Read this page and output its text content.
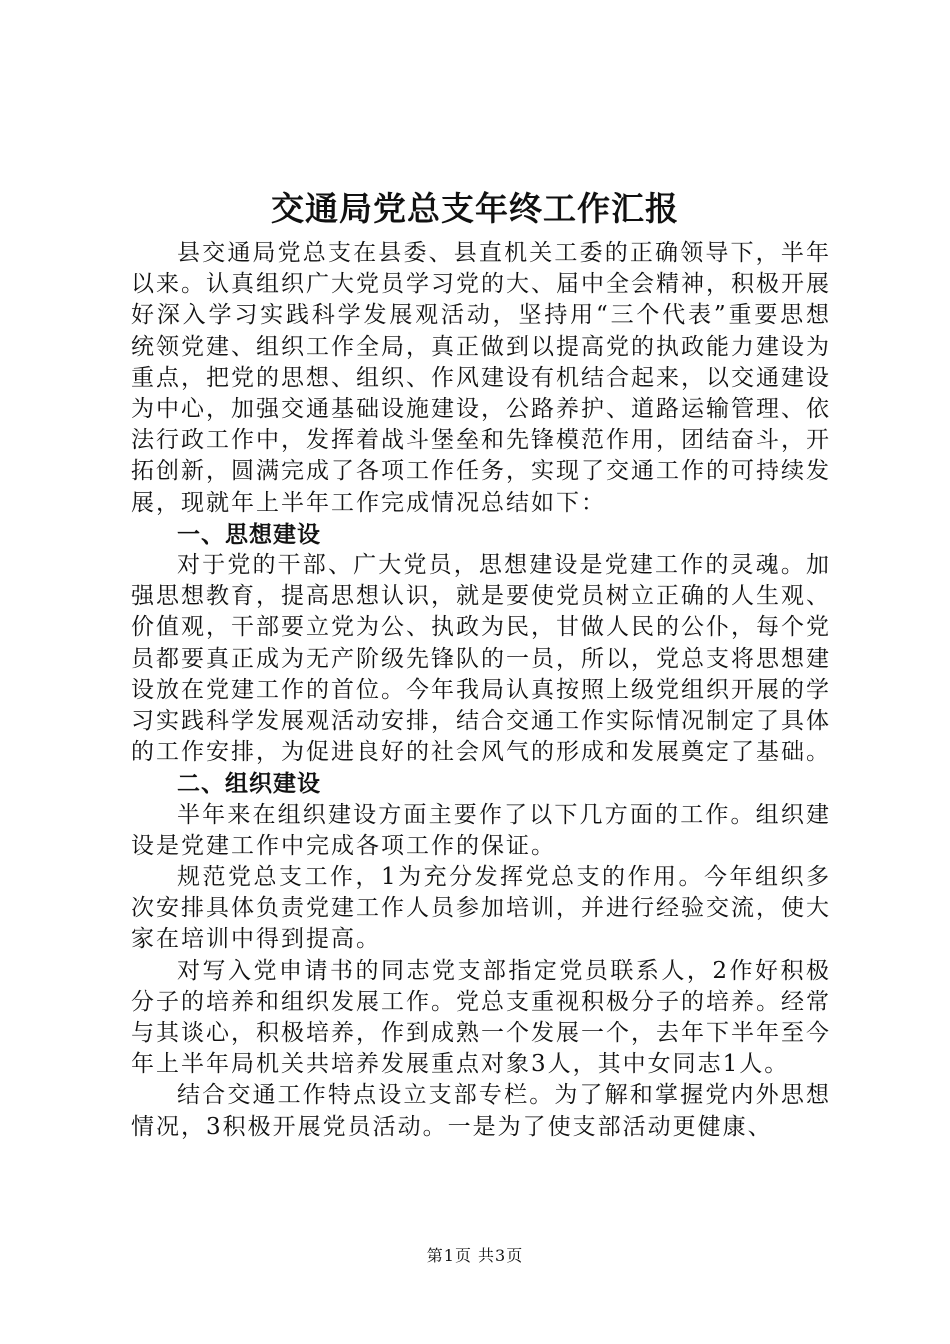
交通局党总支年终工作汇报

县交通局党总支在县委、县直机关工委的正确领导下，半年以来。认真组织广大党员学习党的大、届中全会精神，积极开展好深入学习实践科学发展观活动，坚持用“三个代表”重要思想统领党建、组织工作全局，真正做到以提高党的执政能力建设为重点，把党的思想、组织、作风建设有机结合起来，以交通建设为中心，加强交通基础设施建设，公路养护、道路运输管理、依法行政工作中，发挥着战斗堡垒和先锋模范作用，团结奋斗，开拓创新，圆满完成了各项工作任务，实现了交通工作的可持续发展，现就年上半年工作完成情况总结如下：

一、思想建设

对于党的干部、广大党员，思想建设是党建工作的灵魂。加强思想教育，提高思想认识，就是要使党员树立正确的人生观、价值观，干部要立党为公、执政为民，甘做人民的公仆，每个党员都要真正成为无产阶级先锋队的一员，所以，党总支将思想建设放在党建工作的首位。今年我局认真按照上级党组织开展的学习实践科学发展观活动安排，结合交通工作实际情况制定了具体的工作安排，为促进良好的社会风气的形成和发展奠定了基础。

二、组织建设

半年来在组织建设方面主要作了以下几方面的工作。组织建设是党建工作中完成各项工作的保证。

规范党总支工作，1为充分发挥党总支的作用。今年组织多次安排具体负责党建工作人员参加培训，并进行经验交流，使大家在培训中得到提高。

对写入党申请书的同志党支部指定党员联系人，2作好积极分子的培养和组织发展工作。党总支重视积极分子的培养。经常与其谈心，积极培养，作到成熟一个发展一个，去年下半年至今年上半年局机关共培养发展重点对象3人，其中女同志1人。

结合交通工作特点设立支部专栏。为了解和掌握党内外思想情况，3积极开展党员活动。一是为了使支部活动更健康、

第1页 共3页
